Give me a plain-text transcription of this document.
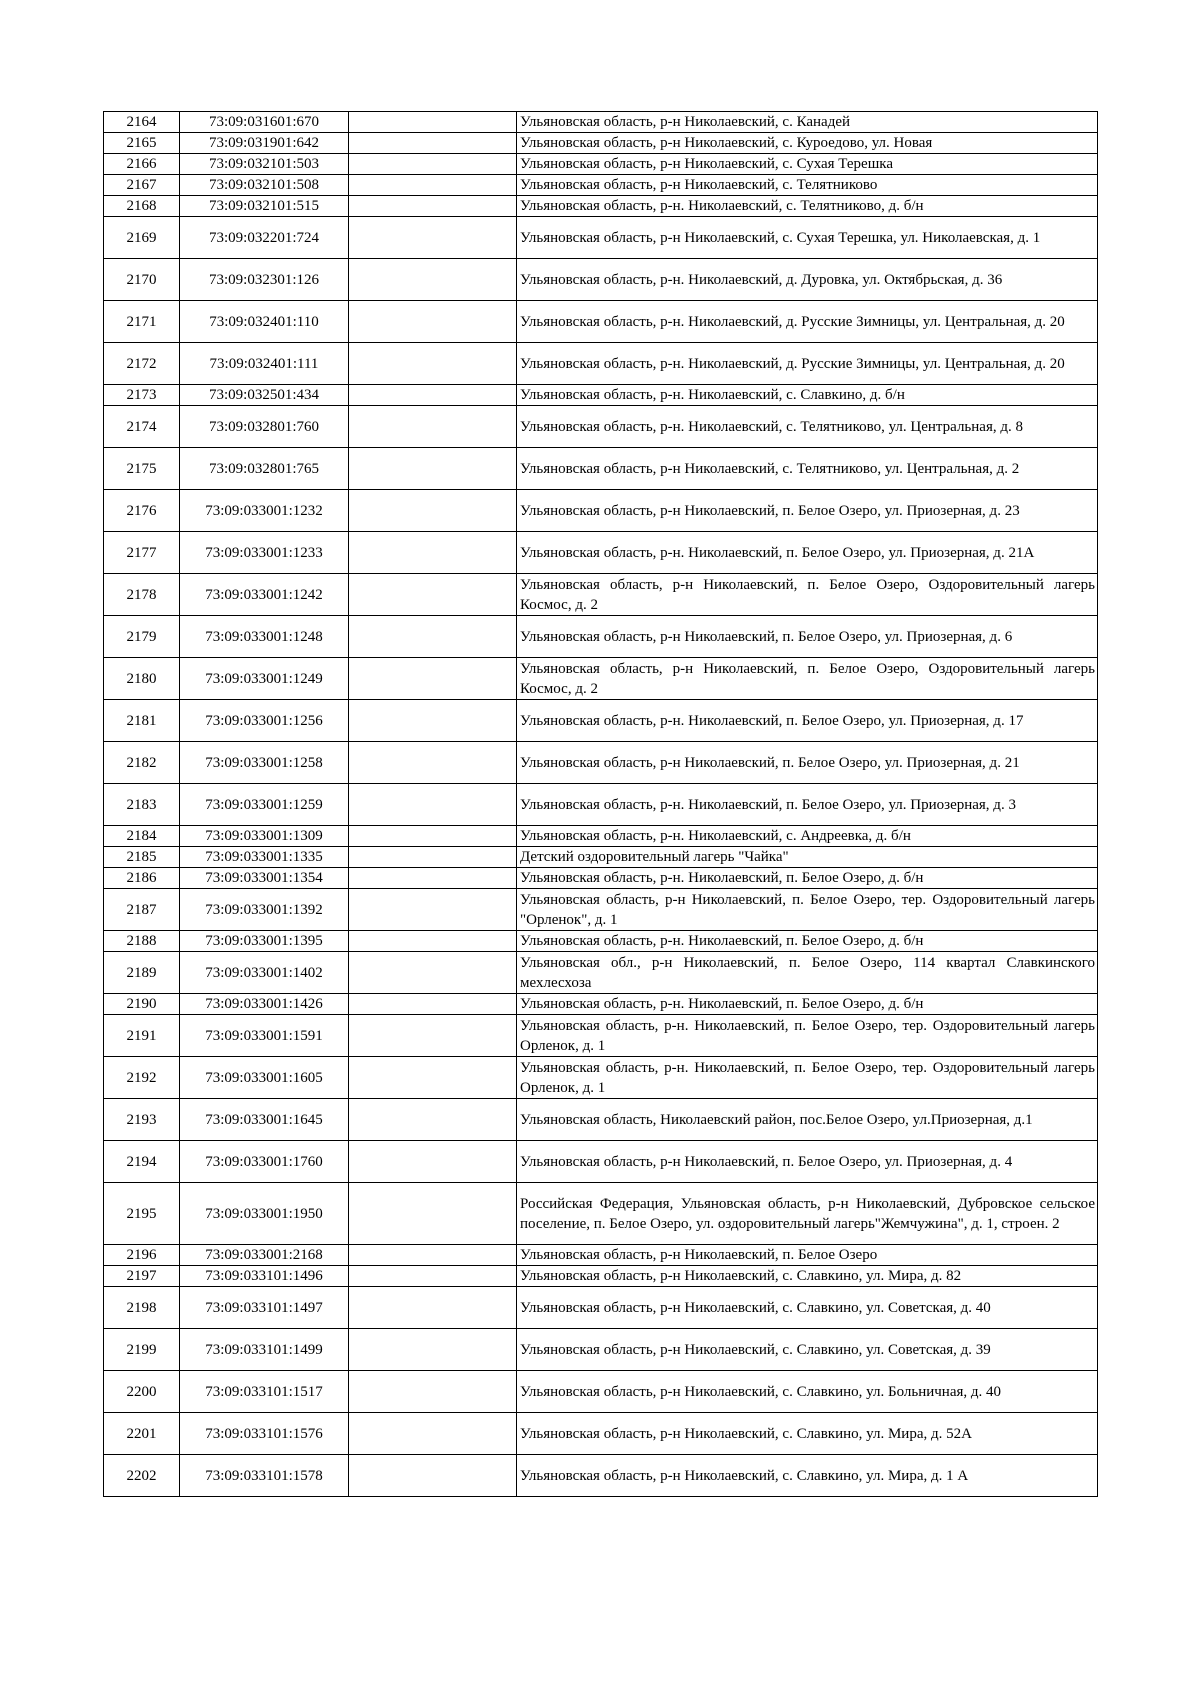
2164	73:09:031601:670		Ульяновская область, р-н Николаевский, с. Канадей
2165	73:09:031901:642		Ульяновская область, р-н Николаевский, с. Куроедово, ул. Новая
2166	73:09:032101:503		Ульяновская область, р-н Николаевский, с. Сухая Терешка
2167	73:09:032101:508		Ульяновская область, р-н Николаевский, с. Телятниково
2168	73:09:032101:515		Ульяновская область, р-н. Николаевский, с. Телятниково, д. б/н
2169	73:09:032201:724		Ульяновская область, р-н Николаевский, с. Сухая Терешка, ул. Николаевская, д. 1
2170	73:09:032301:126		Ульяновская область, р-н. Николаевский, д. Дуровка, ул. Октябрьская, д. 36
2171	73:09:032401:110		Ульяновская область, р-н. Николаевский, д. Русские Зимницы, ул. Центральная, д. 20
2172	73:09:032401:111		Ульяновская область, р-н. Николаевский, д. Русские Зимницы, ул. Центральная, д. 20
2173	73:09:032501:434		Ульяновская область, р-н. Николаевский, с. Славкино, д. б/н
2174	73:09:032801:760		Ульяновская область, р-н. Николаевский, с. Телятниково, ул. Центральная, д. 8
2175	73:09:032801:765		Ульяновская область, р-н Николаевский, с. Телятниково, ул. Центральная, д. 2
2176	73:09:033001:1232		Ульяновская область, р-н Николаевский, п. Белое Озеро, ул. Приозерная, д. 23
2177	73:09:033001:1233		Ульяновская область, р-н. Николаевский, п. Белое Озеро, ул. Приозерная, д. 21А
2178	73:09:033001:1242		Ульяновская область, р-н Николаевский, п. Белое Озеро, Оздоровительный лагерь Космос, д. 2
2179	73:09:033001:1248		Ульяновская область, р-н Николаевский, п. Белое Озеро, ул. Приозерная, д. 6
2180	73:09:033001:1249		Ульяновская область, р-н Николаевский, п. Белое Озеро, Оздоровительный лагерь Космос, д. 2
2181	73:09:033001:1256		Ульяновская область, р-н. Николаевский, п. Белое Озеро, ул. Приозерная, д. 17
2182	73:09:033001:1258		Ульяновская область, р-н Николаевский, п. Белое Озеро, ул. Приозерная, д. 21
2183	73:09:033001:1259		Ульяновская область, р-н. Николаевский, п. Белое Озеро, ул. Приозерная, д. 3
2184	73:09:033001:1309		Ульяновская область, р-н. Николаевский, с. Андреевка, д. б/н
2185	73:09:033001:1335		Детский оздоровительный лагерь "Чайка"
2186	73:09:033001:1354		Ульяновская область, р-н. Николаевский, п. Белое Озеро, д. б/н
2187	73:09:033001:1392		Ульяновская область, р-н Николаевский, п. Белое Озеро, тер. Оздоровительный лагерь "Орленок", д. 1
2188	73:09:033001:1395		Ульяновская область, р-н. Николаевский, п. Белое Озеро, д. б/н
2189	73:09:033001:1402		Ульяновская обл., р-н Николаевский, п. Белое Озеро, 114 квартал Славкинского мехлесхоза
2190	73:09:033001:1426		Ульяновская область, р-н. Николаевский, п. Белое Озеро, д. б/н
2191	73:09:033001:1591		Ульяновская область, р-н. Николаевский, п. Белое Озеро, тер. Оздоровительный лагерь Орленок, д. 1
2192	73:09:033001:1605		Ульяновская область, р-н. Николаевский, п. Белое Озеро, тер. Оздоровительный лагерь Орленок, д. 1
2193	73:09:033001:1645		Ульяновская область, Николаевский район, пос.Белое Озеро, ул.Приозерная, д.1
2194	73:09:033001:1760		Ульяновская область, р-н Николаевский, п. Белое Озеро, ул. Приозерная, д. 4
2195	73:09:033001:1950		Российская Федерация, Ульяновская область, р-н Николаевский, Дубровское сельское поселение, п. Белое Озеро, ул. оздоровительный лагерь"Жемчужина", д. 1, строен. 2
2196	73:09:033001:2168		Ульяновская область, р-н Николаевский, п. Белое Озеро
2197	73:09:033101:1496		Ульяновская область, р-н Николаевский, с. Славкино, ул. Мира, д. 82
2198	73:09:033101:1497		Ульяновская область, р-н Николаевский, с. Славкино, ул. Советская, д. 40
2199	73:09:033101:1499		Ульяновская область, р-н Николаевский, с. Славкино, ул. Советская, д. 39
2200	73:09:033101:1517		Ульяновская область, р-н Николаевский, с. Славкино, ул. Больничная, д. 40
2201	73:09:033101:1576		Ульяновская область, р-н Николаевский, с. Славкино, ул. Мира, д. 52А
2202	73:09:033101:1578		Ульяновская область, р-н Николаевский, с. Славкино, ул. Мира, д. 1 А
